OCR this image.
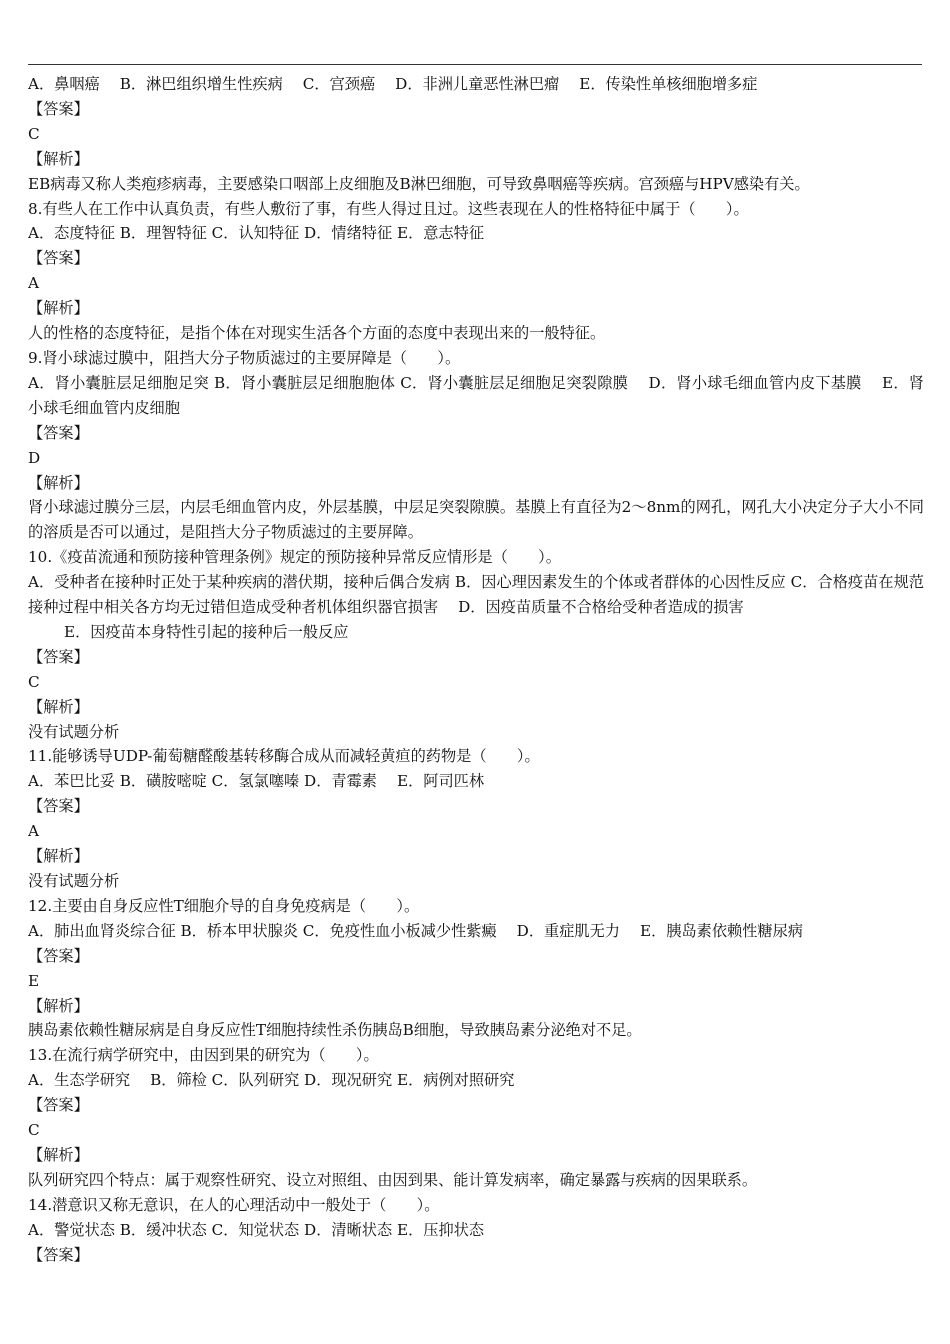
A．鼻咽癌　 B．淋巴组织增生性疾病　 C．宫颈癌　 D．非洲儿童恶性淋巴瘤　 E．传染性单核细胞增多症
【答案】
C
【解析】
EB病毒又称人类疱疹病毒，主要感染口咽部上皮细胞及B淋巴细胞，可导致鼻咽癌等疾病。宫颈癌与HPV感染有关。
8.有些人在工作中认真负责，有些人敷衍了事，有些人得过且过。这些表现在人的性格特征中属于（　　）。
A．态度特征 B．理智特征 C．认知特征 D．情绪特征 E．意志特征
【答案】
A
【解析】
人的性格的态度特征，是指个体在对现实生活各个方面的态度中表现出来的一般特征。
9.肾小球滤过膜中，阻挡大分子物质滤过的主要屏障是（　　）。
A．肾小囊脏层足细胞足突 B．肾小囊脏层足细胞胞体 C．肾小囊脏层足细胞足突裂隙膜　 D．肾小球毛细血管内皮下基膜　 E．肾小球毛细血管内皮细胞
【答案】
D
【解析】
肾小球滤过膜分三层，内层毛细血管内皮，外层基膜，中层足突裂隙膜。基膜上有直径为2～8nm的网孔，网孔大小决定分子大小不同的溶质是否可以通过，是阻挡大分子物质滤过的主要屏障。
10.《疫苗流通和预防接种管理条例》规定的预防接种异常反应情形是（　　）。
A．受种者在接种时正处于某种疾病的潜伏期，接种后偶合发病 B．因心理因素发生的个体或者群体的心因性反应 C．合格疫苗在规范接种过程中相关各方均无过错但造成受种者机体组织器官损害　 D．因疫苗质量不合格给受种者造成的损害
E．因疫苗本身特性引起的接种后一般反应
【答案】
C
【解析】
没有试题分析
11.能够诱导UDP-葡萄糖醛酸基转移酶合成从而减轻黄疸的药物是（　　）。
A．苯巴比妥 B．磺胺嘧啶 C．氢氯噻嗪 D．青霉素　 E．阿司匹林
【答案】
A
【解析】
没有试题分析
12.主要由自身反应性T细胞介导的自身免疫病是（　　）。
A．肺出血肾炎综合征 B．桥本甲状腺炎 C．免疫性血小板减少性紫癜　 D．重症肌无力　 E．胰岛素依赖性糖尿病
【答案】
E
【解析】
胰岛素依赖性糖尿病是自身反应性T细胞持续性杀伤胰岛B细胞，导致胰岛素分泌绝对不足。
13.在流行病学研究中，由因到果的研究为（　　）。
A．生态学研究　 B．筛检 C．队列研究 D．现况研究 E．病例对照研究
【答案】
C
【解析】
队列研究四个特点：属于观察性研究、设立对照组、由因到果、能计算发病率，确定暴露与疾病的因果联系。
14.潜意识又称无意识，在人的心理活动中一般处于（　　）。
A．警觉状态 B．缓冲状态 C．知觉状态 D．清晰状态 E．压抑状态
【答案】
